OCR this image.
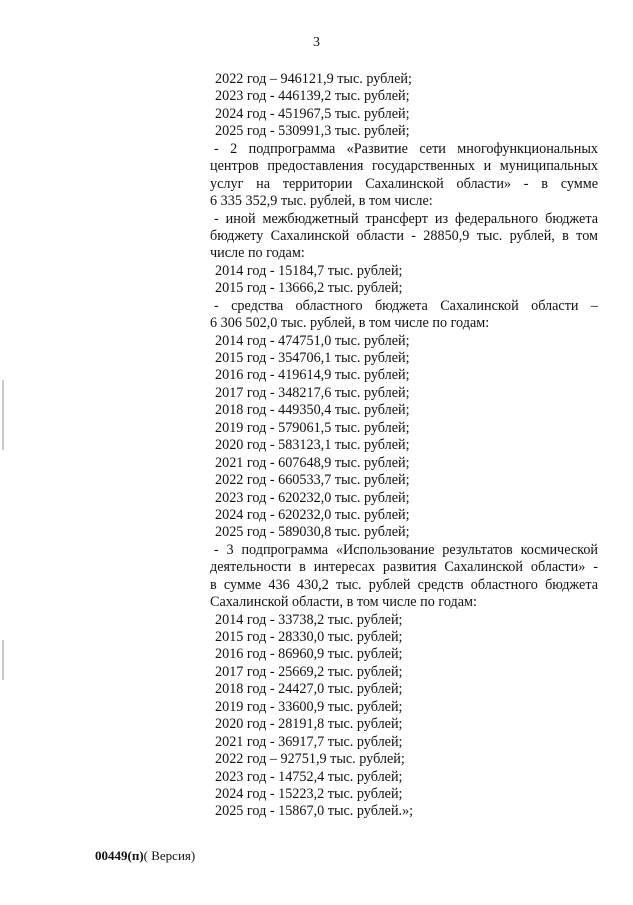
3
2022 год – 946121,9 тыс. рублей;
2023 год - 446139,2 тыс. рублей;
2024 год - 451967,5 тыс. рублей;
2025 год - 530991,3 тыс. рублей;
- 2 подпрограмма «Развитие сети многофункциональных
центров предоставления государственных и муниципальных
услуг на территории Сахалинской области» - в сумме
6 335 352,9 тыс. рублей, в том числе:
- иной межбюджетный трансферт из федерального бюджета
бюджету Сахалинской области - 28850,9 тыс. рублей, в том
числе по годам:
2014 год - 15184,7 тыс. рублей;
2015 год - 13666,2 тыс. рублей;
- средства областного бюджета Сахалинской области –
6 306 502,0 тыс. рублей, в том числе по годам:
2014 год - 474751,0 тыс. рублей;
2015 год - 354706,1 тыс. рублей;
2016 год - 419614,9 тыс. рублей;
2017 год - 348217,6 тыс. рублей;
2018 год - 449350,4 тыс. рублей;
2019 год - 579061,5 тыс. рублей;
2020 год - 583123,1 тыс. рублей;
2021 год - 607648,9 тыс. рублей;
2022 год - 660533,7 тыс. рублей;
2023 год - 620232,0 тыс. рублей;
2024 год - 620232,0 тыс. рублей;
2025 год - 589030,8 тыс. рублей;
- 3 подпрограмма «Использование результатов космической
деятельности в интересах развития Сахалинской области» -
в сумме 436 430,2 тыс. рублей средств областного бюджета
Сахалинской области, в том числе по годам:
2014 год - 33738,2 тыс. рублей;
2015 год - 28330,0 тыс. рублей;
2016 год - 86960,9 тыс. рублей;
2017 год - 25669,2 тыс. рублей;
2018 год - 24427,0 тыс. рублей;
2019 год - 33600,9 тыс. рублей;
2020 год - 28191,8 тыс. рублей;
2021 год - 36917,7 тыс. рублей;
2022 год – 92751,9 тыс. рублей;
2023 год - 14752,4 тыс. рублей;
2024 год - 15223,2 тыс. рублей;
2025 год - 15867,0 тыс. рублей.»;
00449(п)( Версия)
